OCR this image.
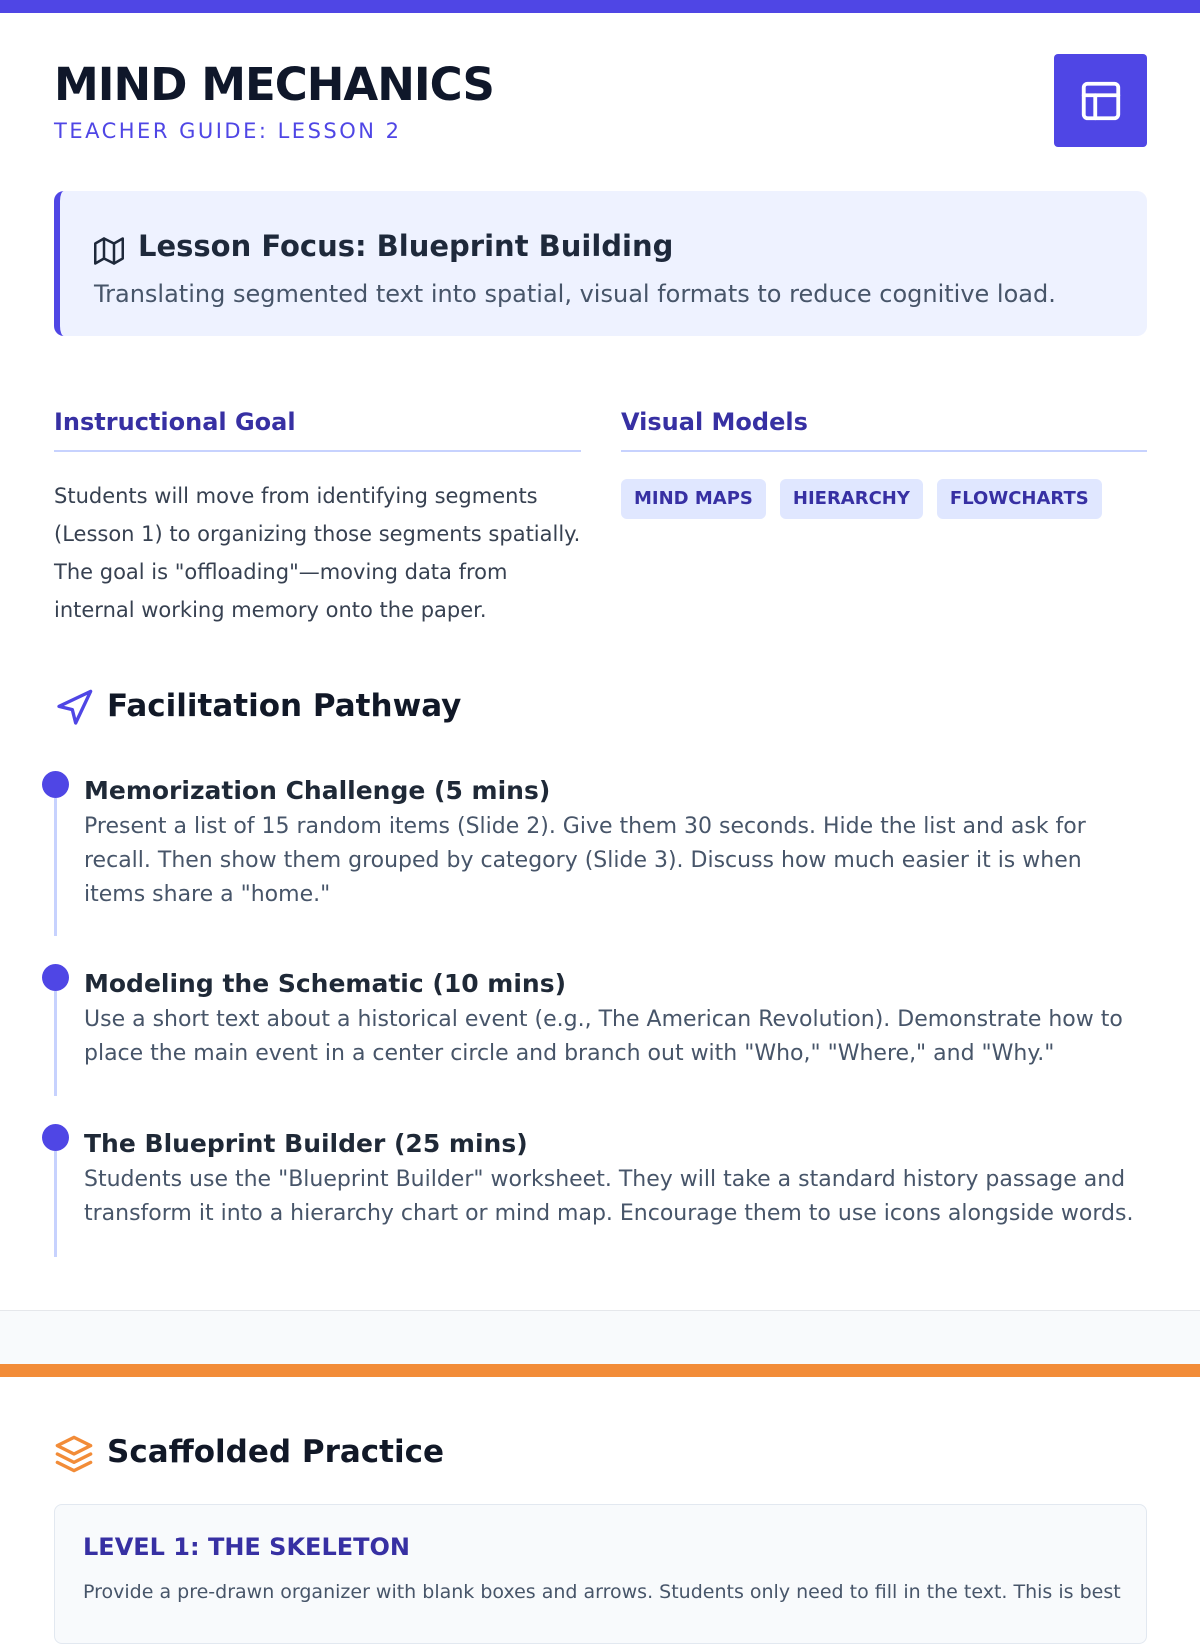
MIND MECHANICS
TEACHER GUIDE: LESSON 2
Lesson Focus: Blueprint Building
Translating segmented text into spatial, visual formats to reduce cognitive load.
Instructional Goal
Students will move from identifying segments (Lesson 1) to organizing those segments spatially. The goal is "offloading"—moving data from internal working memory onto the paper.
Visual Models
MIND MAPS	HIERARCHY	FLOWCHARTS
Facilitation Pathway
Memorization Challenge (5 mins)
Present a list of 15 random items (Slide 2). Give them 30 seconds. Hide the list and ask for recall. Then show them grouped by category (Slide 3). Discuss how much easier it is when items share a "home."
Modeling the Schematic (10 mins)
Use a short text about a historical event (e.g., The American Revolution). Demonstrate how to place the main event in a center circle and branch out with "Who," "Where," and "Why."
The Blueprint Builder (25 mins)
Students use the "Blueprint Builder" worksheet. They will take a standard history passage and transform it into a hierarchy chart or mind map. Encourage them to use icons alongside words.
Scaffolded Practice
LEVEL 1: THE SKELETON
Provide a pre-drawn organizer with blank boxes and arrows. Students only need to fill in the text. This is best
